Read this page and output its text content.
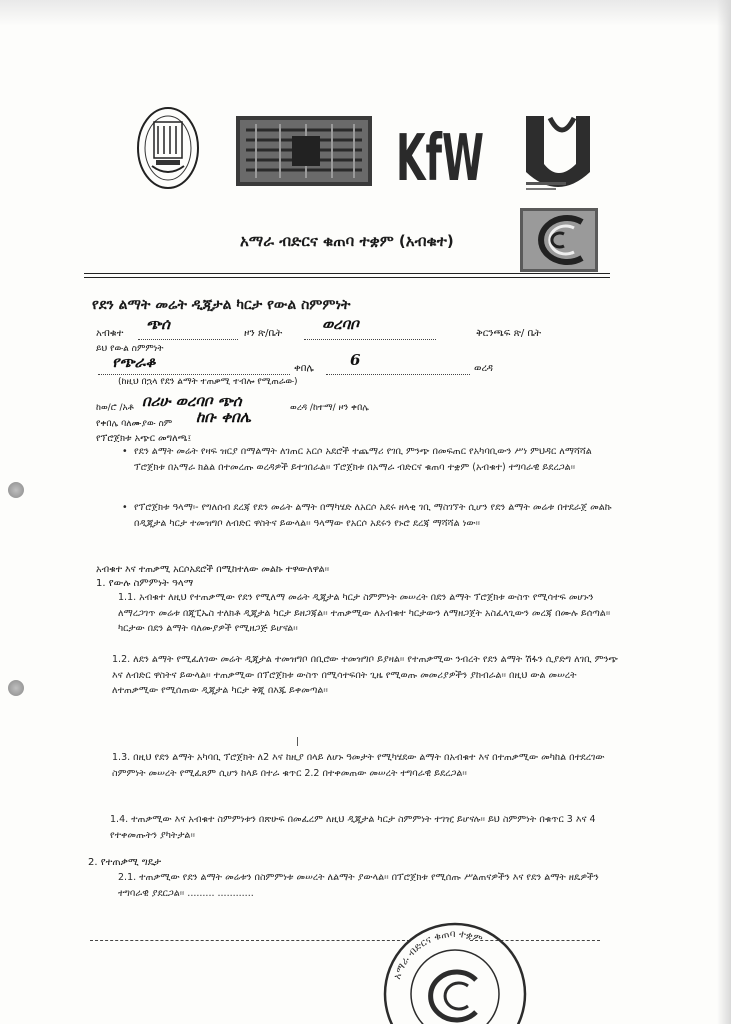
KfW
አማራ ብድርና ቁጠባ ተቋም (አብቁተ)
የደን ልማት መሬት ዲጂታል ካርታ የውል ስምምነት
አብቁተ
ጭሰ
ዞን ጽ/ቤት
ወረባቦ
ቅርንጫፍ ጽ/ ቤት
ይህ የውል ስምምነት
የጭራቆ	ቀበሌ 6	ወረዳ
(ከዚህ በኋላ የደን ልማት ተጠቃሚ ተብሎ የሚጠራው)
ከወ/ሮ /አቶ በሪሁ ወረባቦ ጭሰ	ወረዳ /ከተማ/ ዞን ቀበሌ
የቀበሌ ባለሙያው ስም ከቡ ቀበሌ
የፕሮጀክቱ አጭር መግለጫ፤
• የደን ልማት መሬት የዛፍ ዝርያ በማልማት ለገጠር አርሶ አደሮች ተጨማሪ የገቢ ምንጭ በመፍጠር የአካባቢውን ሥነ ምህዳር ለማሻሻል ፕሮጀክቱ በአማራ ክልል በተመረጡ ወረዳዎች ይተገበራል፡፡ ፕሮጀክቱ በአማራ ብድርና ቁጠባ ተቋም (አብቁተ) ተግባራዊ ይደረጋል፡፡
• የፕሮጀክቱ ዓላማ፡- የግለሰብ ደረጃ የደን መሬት ልማት በማካሄድ ለአርሶ አደሩ ዘላቂ ገቢ ማስገኘት ሲሆን የደን ልማት መሬቱ በተደራጀ መልኩ በዲጂታል ካርታ ተመዝግቦ ለብድር ዋስትና ይውላል፡፡ ዓላማው የአርሶ አደሩን የኑሮ ደረጃ ማሻሻል ነው፡፡
አብቁተ እና ተጠቃሚ አርሶአደሮች በሚከተለው መልኩ ተዋውለዋል፡፡
1. የውሉ ስምምነት ዓላማ
1.1. አብቁተ ለዚህ የተጠቃሚው የደን የሚለማ መሬት ዲጂታል ካርታ ስምምነት መሠረት በደን ልማት ፕሮጀክቱ ውስጥ የሚሳተፍ መሆኑን ለማረጋገጥ መሬቱ በጂፒኤስ ተለክቶ ዲጂታል ካርታ ይዘጋጃል፡፡ ተጠቃሚው ለአብቁተ ካርታውን ለማዘጋጀት አስፈላጊውን መረጃ በሙሉ ይሰጣል፡፡ ካርታው በደን ልማት ባለሙያዎች የሚዘጋጅ ይሆናል፡፡
1.2. ለደን ልማት የሚፈለገው መሬት ዲጂታል ተመዝግቦ በቢሮው ተመዝግቦ ይያዛል፡፡ የተጠቃሚው ንብረት የደን ልማት ሽፋን ሲያድግ ለገቢ ምንጭ እና ለብድር ዋስትና ይውላል፡፡ ተጠቃሚው በፕሮጀክቱ ውስጥ በሚሳተፍበት ጊዜ የሚወጡ መመሪያዎችን ያከብራል፡፡ በዚህ ውል መሠረት ለተጠቃሚው የሚሰጠው ዲጂታል ካርታ ቅጂ በእጁ ይቀመጣል፡፡
|
1.3. በዚህ የደን ልማት አካባቢ ፕሮጀክት ለ2 እና ከዚያ በላይ ለሆኑ ዓመታት የሚካሄደው ልማት በአብቁተ እና በተጠቃሚው መካከል በተደረገው ስምምነት መሠረት የሚፈጸም ሲሆን ከላይ በተራ ቁጥር 2.2 በተቀመጠው መሠረት ተግባራዊ ይደረጋል፡፡
1.4. ተጠቃሚው እና አብቁተ ስምምነቱን በጽሁፍ በመፈረም ለዚህ ዲጂታል ካርታ ስምምነት ተገዢ ይሆናሉ፡፡ ይህ ስምምነት በቁጥር 3 እና 4 የተቀመጡትን ያካትታል፡፡
2. የተጠቃሚ ግዴታ
2.1. ተጠቃሚው የደን ልማት መሬቱን በስምምነቱ መሠረት ለልማት ያውላል፡፡ በፕሮጀክቱ የሚሰጡ ሥልጠናዎችን እና የደን ልማት ዘዴዎችን ተግባራዊ ያደርጋል፡፡ ......... ............
አማራ ብድርና ቁጠባ ተቋም
